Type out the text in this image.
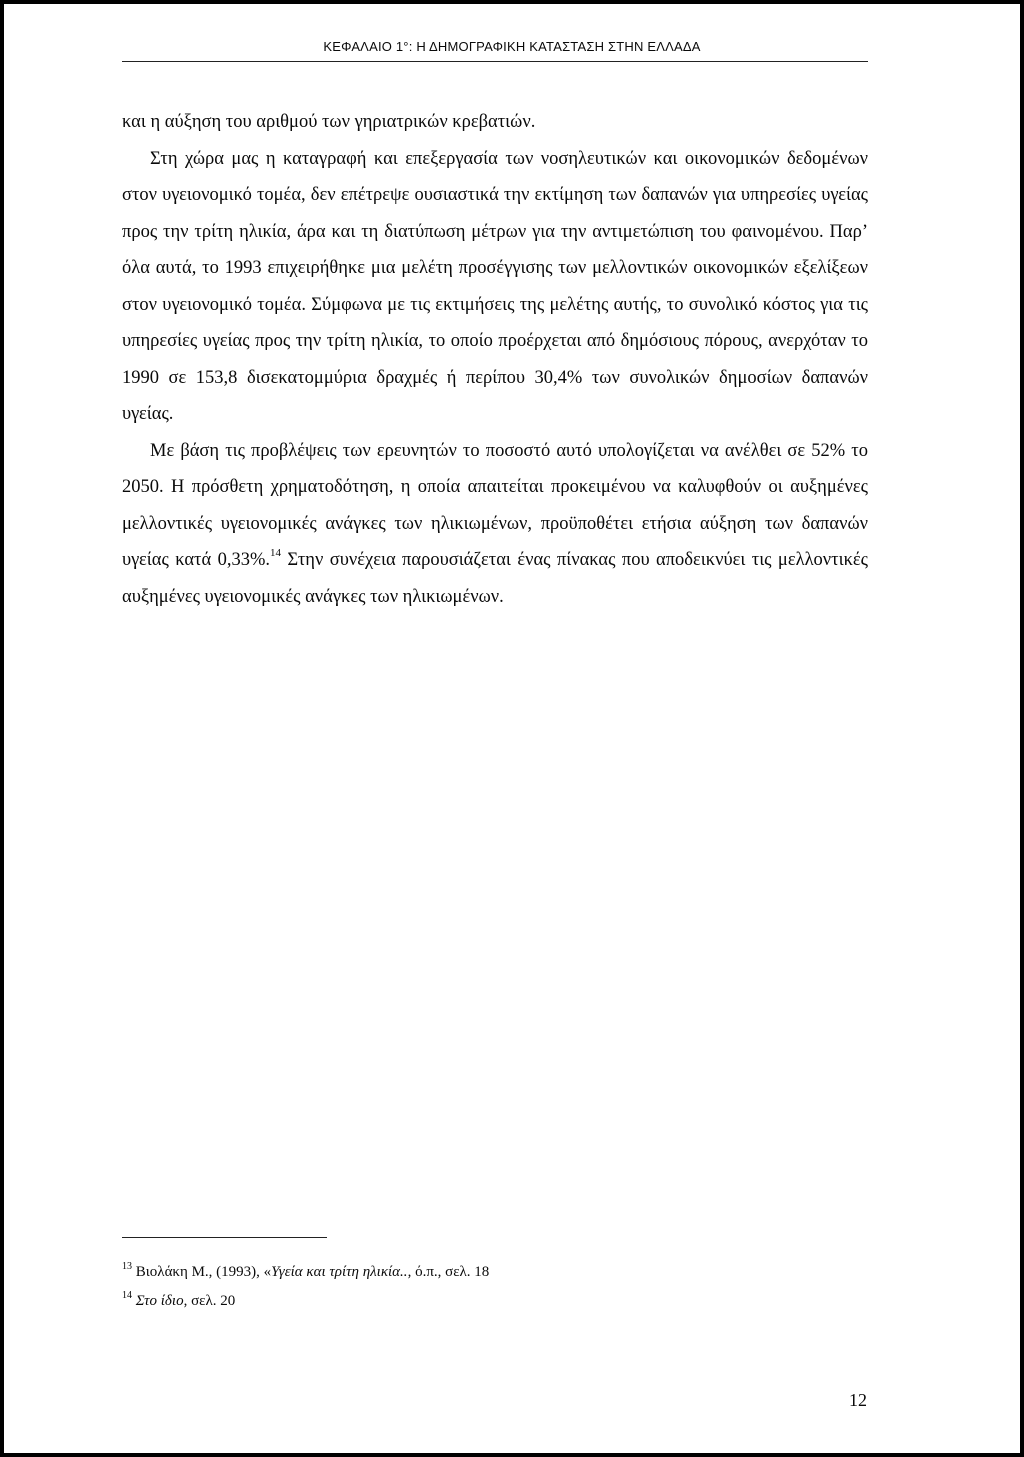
ΚΕΦΑΛΑΙΟ 1°: Η ΔΗΜΟΓΡΑΦΙΚΗ ΚΑΤΑΣΤΑΣΗ ΣΤΗΝ ΕΛΛΑΔΑ

και η αύξηση του αριθμού των γηριατρικών κρεβατιών.

Στη χώρα μας η καταγραφή και επεξεργασία των νοσηλευτικών και οικονομικών δεδομένων στον υγειονομικό τομέα, δεν επέτρεψε ουσιαστικά την εκτίμηση των δαπανών για υπηρεσίες υγείας προς την τρίτη ηλικία, άρα και τη διατύπωση μέτρων για την αντιμετώπιση του φαινομένου. Παρ’ όλα αυτά, το 1993 επιχειρήθηκε μια μελέτη προσέγγισης των μελλοντικών οικονομικών εξελίξεων στον υγειονομικό τομέα. Σύμφωνα με τις εκτιμήσεις της μελέτης αυτής, το συνολικό κόστος για τις υπηρεσίες υγείας προς την τρίτη ηλικία, το οποίο προέρχεται από δημόσιους πόρους, ανερχόταν το 1990 σε 153,8 δισεκατομμύρια δραχμές ή περίπου 30,4% των συνολικών δημοσίων δαπανών υγείας.

Με βάση τις προβλέψεις των ερευνητών το ποσοστό αυτό υπολογίζεται να ανέλθει σε 52% το 2050. Η πρόσθετη χρηματοδότηση, η οποία απαιτείται προκειμένου να καλυφθούν οι αυξημένες μελλοντικές υγειονομικές ανάγκες των ηλικιωμένων, προϋποθέτει ετήσια αύξηση των δαπανών υγείας κατά 0,33%.$^{14}$ Στην συνέχεια παρουσιάζεται ένας πίνακας που αποδεικνύει τις μελλοντικές αυξημένες υγειονομικές ανάγκες των ηλικιωμένων.

$^{13}$ Βιολάκη Μ., (1993), «Υγεία και τρίτη ηλικία.., ό.π., σελ. 18
$^{14}$ Στο ίδιο, σελ. 20
12
